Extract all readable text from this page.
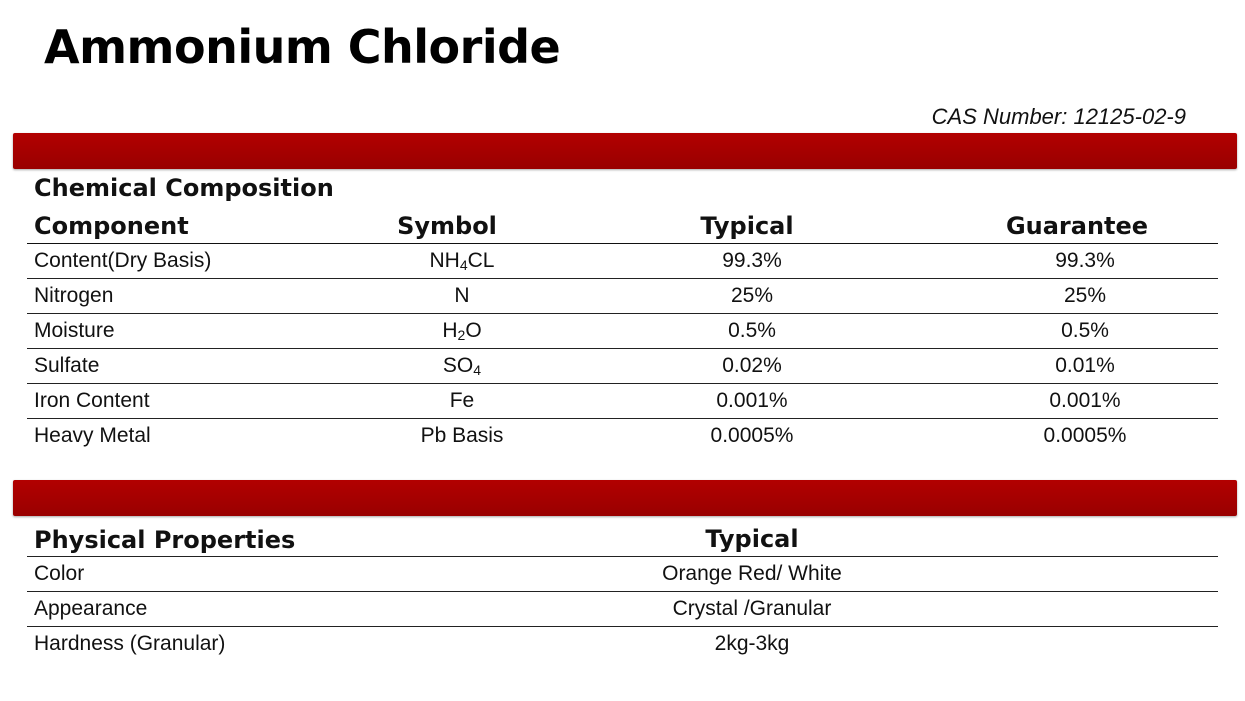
Ammonium Chloride
CAS Number: 12125-02-9
Chemical Composition
Component	Symbol	Typical	Guarantee
Content(Dry Basis)	$NH_4CL$	99.3%	99.3%
Nitrogen	N	25%	25%
Moisture	$H_2O$	0.5%	0.5%
Sulfate	$SO_4$	0.02%	0.01%
Iron Content	Fe	0.001%	0.001%
Heavy Metal	Pb Basis	0.0005%	0.0005%
Physical Properties	Typical
Color	Orange Red/ White
Appearance	Crystal /Granular
Hardness (Granular)	2kg-3kg
